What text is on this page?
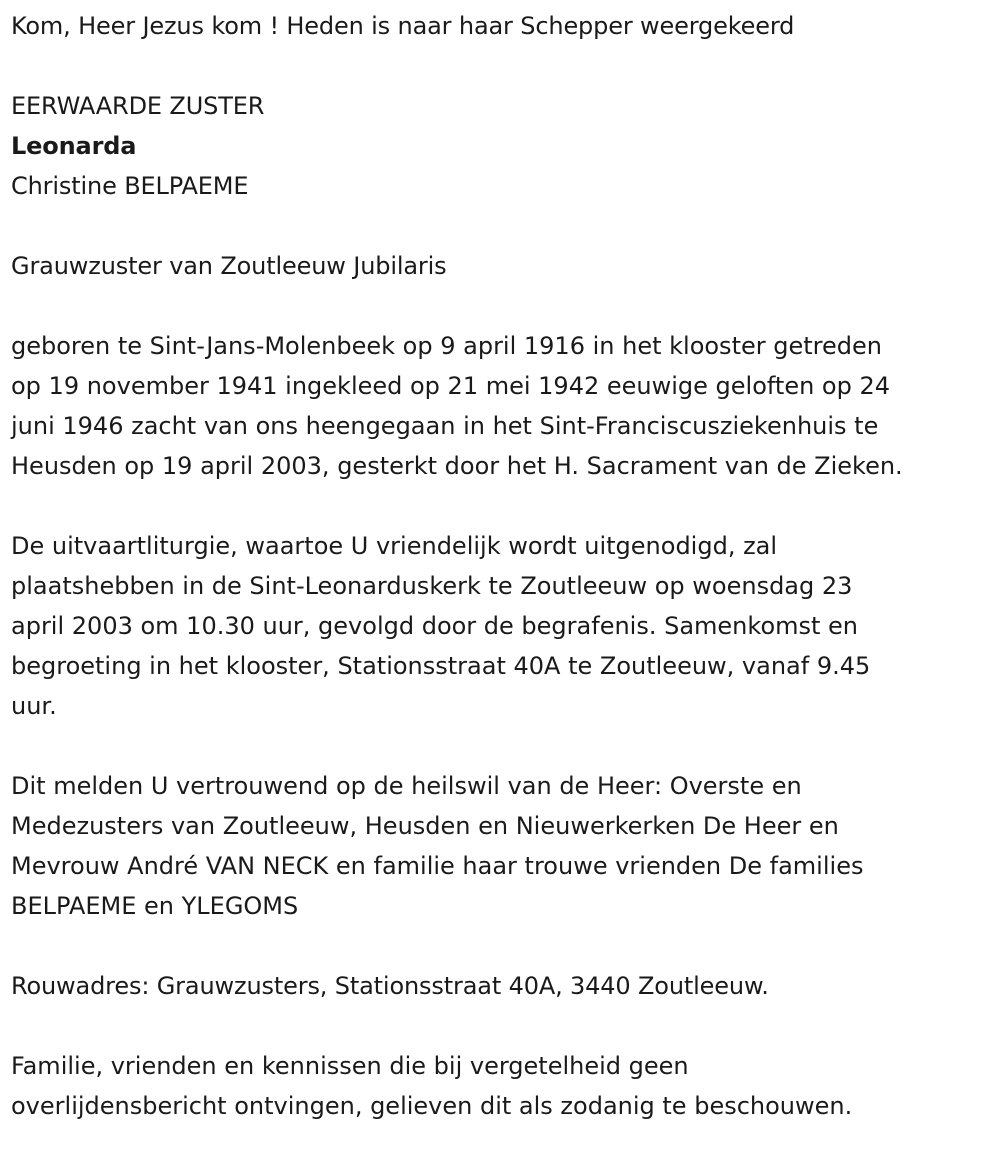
Kom, Heer Jezus kom ! Heden is naar haar Schepper weergekeerd

EERWAARDE ZUSTER

Leonarda

Christine BELPAEME

Grauwzuster van Zoutleeuw Jubilaris

geboren te Sint-Jans-Molenbeek op 9 april 1916 in het klooster getreden
op 19 november 1941 ingekleed op 21 mei 1942 eeuwige geloften op 24
juni 1946 zacht van ons heengegaan in het Sint-Franciscusziekenhuis te
Heusden op 19 april 2003, gesterkt door het H. Sacrament van de Zieken.
De uitvaartliturgie, waartoe U vriendelijk wordt uitgenodigd, zal
plaatshebben in de Sint-Leonarduskerk te Zoutleeuw op woensdag 23
april 2003 om 10.30 uur, gevolgd door de begrafenis. Samenkomst en
begroeting in het klooster, Stationsstraat 40A te Zoutleeuw, vanaf 9.45
uur.
Dit melden U vertrouwend op de heilswil van de Heer: Overste en
Medezusters van Zoutleeuw, Heusden en Nieuwerkerken De Heer en
Mevrouw André VAN NECK en familie haar trouwe vrienden De families
BELPAEME en YLEGOMS

Rouwadres: Grauwzusters, Stationsstraat 40A, 3440 Zoutleeuw.

Familie, vrienden en kennissen die bij vergetelheid geen
overlijdensbericht ontvingen, gelieven dit als zodanig te beschouwen.
